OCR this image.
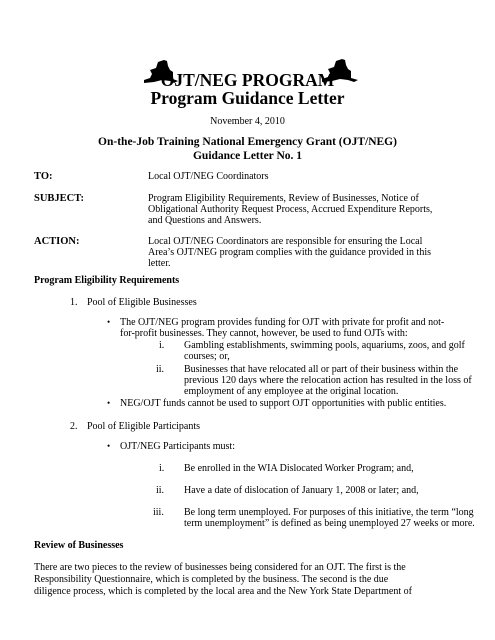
OJT/NEG PROGRAM
Program Guidance Letter
November 4, 2010
On-the-Job Training National Emergency Grant (OJT/NEG)
Guidance Letter No. 1
TO:	Local OJT/NEG Coordinators
SUBJECT:	Program Eligibility Requirements, Review of Businesses, Notice of
Obligational Authority Request Process, Accrued Expenditure Reports,
and Questions and Answers.
ACTION:	Local OJT/NEG Coordinators are responsible for ensuring the Local
Area’s OJT/NEG program complies with the guidance provided in this
letter.
Program Eligibility Requirements
1. Pool of Eligible Businesses
• The OJT/NEG program provides funding for OJT with private for profit and not-
for-profit businesses. They cannot, however, be used to fund OJTs with:
i. Gambling establishments, swimming pools, aquariums, zoos, and golf
courses; or,
ii. Businesses that have relocated all or part of their business within the
previous 120 days where the relocation action has resulted in the loss of
employment of any employee at the original location.
• NEG/OJT funds cannot be used to support OJT opportunities with public entities.
2. Pool of Eligible Participants
• OJT/NEG Participants must:
i. Be enrolled in the WIA Dislocated Worker Program; and,
ii. Have a date of dislocation of January 1, 2008 or later; and,
iii. Be long term unemployed. For purposes of this initiative, the term “long
term unemployment” is defined as being unemployed 27 weeks or more.
Review of Businesses
There are two pieces to the review of businesses being considered for an OJT. The first is the
Responsibility Questionnaire, which is completed by the business. The second is the due
diligence process, which is completed by the local area and the New York State Department of
